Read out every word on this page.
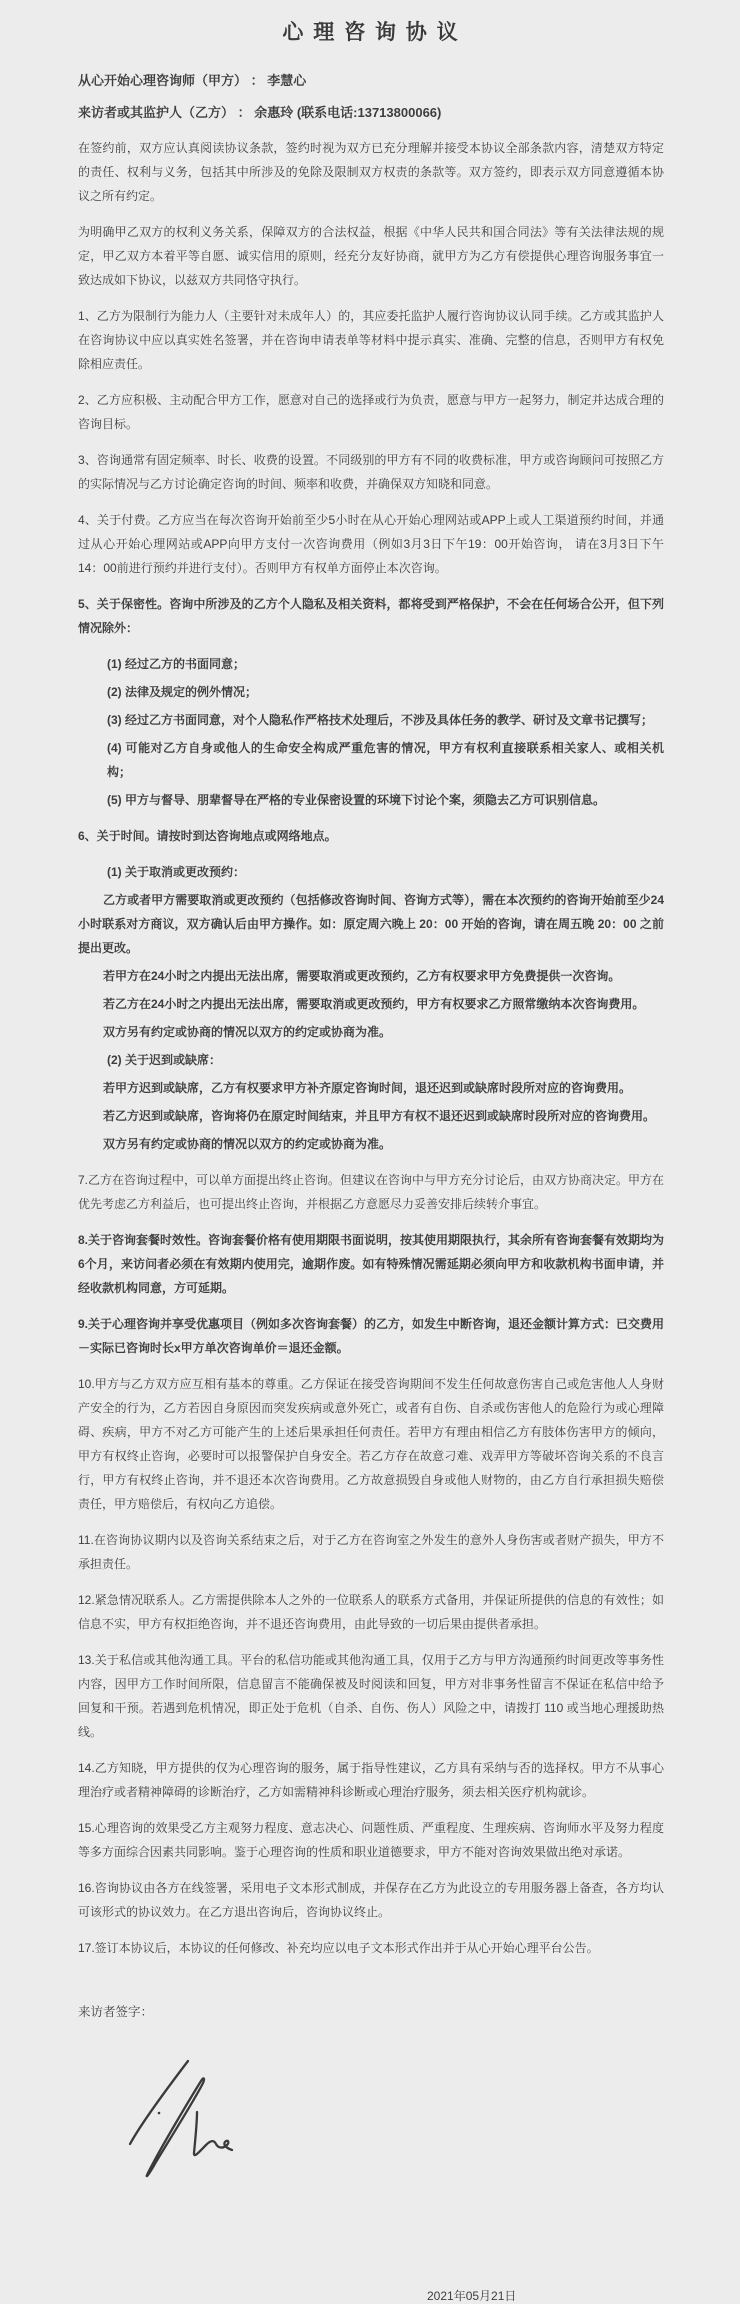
心 理 咨 询 协 议
从心开始心理咨询师（甲方） ： 李慧心
来访者或其监护人（乙方） ： 余惠玲 (联系电话:13713800066)

在签约前，双方应认真阅读协议条款，签约时视为双方已充分理解并接受本协议全部条款内容，清楚双方特定的责任、权利与义务，包括其中所涉及的免除及限制双方权责的条款等。双方签约，即表示双方同意遵循本协议之所有约定。

为明确甲乙双方的权利义务关系，保障双方的合法权益，根据《中华人民共和国合同法》等有关法律法规的规定，甲乙双方本着平等自愿、诚实信用的原则，经充分友好协商，就甲方为乙方有偿提供心理咨询服务事宜一致达成如下协议，以兹双方共同恪守执行。

1、乙方为限制行为能力人（主要针对未成年人）的，其应委托监护人履行咨询协议认同手续。乙方或其监护人在咨询协议中应以真实姓名签署，并在咨询申请表单等材料中提示真实、准确、完整的信息，否则甲方有权免除相应责任。

2、乙方应积极、主动配合甲方工作，愿意对自己的选择或行为负责，愿意与甲方一起努力，制定并达成合理的咨询目标。

3、咨询通常有固定频率、时长、收费的设置。不同级别的甲方有不同的收费标准，甲方或咨询顾问可按照乙方的实际情况与乙方讨论确定咨询的时间、频率和收费，并确保双方知晓和同意。

4、关于付费。乙方应当在每次咨询开始前至少5小时在从心开始心理网站或APP上或人工渠道预约时间，并通过从心开始心理网站或APP向甲方支付一次咨询费用（例如3月3日下午19：00开始咨询， 请在3月3日下午14：00前进行预约并进行支付）。否则甲方有权单方面停止本次咨询。

5、关于保密性。咨询中所涉及的乙方个人隐私及相关资料，都将受到严格保护，不会在任何场合公开，但下列情况除外：

(1) 经过乙方的书面同意；

(2) 法律及规定的例外情况；

(3) 经过乙方书面同意，对个人隐私作严格技术处理后，不涉及具体任务的教学、研讨及文章书记撰写；

(4) 可能对乙方自身或他人的生命安全构成严重危害的情况，甲方有权利直接联系相关家人、或相关机构；

(5) 甲方与督导、朋辈督导在严格的专业保密设置的环境下讨论个案，须隐去乙方可识别信息。

6、关于时间。请按时到达咨询地点或网络地点。

(1) 关于取消或更改预约：

乙方或者甲方需要取消或更改预约（包括修改咨询时间、咨询方式等），需在本次预约的咨询开始前至少24小时联系对方商议，双方确认后由甲方操作。如：原定周六晚上 20：00 开始的咨询，请在周五晚 20：00 之前提出更改。

若甲方在24小时之内提出无法出席，需要取消或更改预约，乙方有权要求甲方免费提供一次咨询。

若乙方在24小时之内提出无法出席，需要取消或更改预约，甲方有权要求乙方照常缴纳本次咨询费用。

双方另有约定或协商的情况以双方的约定或协商为准。

(2) 关于迟到或缺席：

若甲方迟到或缺席，乙方有权要求甲方补齐原定咨询时间，退还迟到或缺席时段所对应的咨询费用。

若乙方迟到或缺席，咨询将仍在原定时间结束，并且甲方有权不退还迟到或缺席时段所对应的咨询费用。

双方另有约定或协商的情况以双方的约定或协商为准。

7.乙方在咨询过程中，可以单方面提出终止咨询。但建议在咨询中与甲方充分讨论后，由双方协商决定。甲方在优先考虑乙方利益后，也可提出终止咨询，并根据乙方意愿尽力妥善安排后续转介事宜。

8.关于咨询套餐时效性。咨询套餐价格有使用期限书面说明，按其使用期限执行，其余所有咨询套餐有效期均为6个月，来访问者必须在有效期内使用完，逾期作废。如有特殊情况需延期必须向甲方和收款机构书面申请，并经收款机构同意，方可延期。

9.关于心理咨询并享受优惠项目（例如多次咨询套餐）的乙方，如发生中断咨询，退还金额计算方式：已交费用－实际已咨询时长x甲方单次咨询单价＝退还金额。

10.甲方与乙方双方应互相有基本的尊重。乙方保证在接受咨询期间不发生任何故意伤害自己或危害他人人身财产安全的行为，乙方若因自身原因而突发疾病或意外死亡，或者有自伤、自杀或伤害他人的危险行为或心理障碍、疾病，甲方不对乙方可能产生的上述后果承担任何责任。若甲方有理由相信乙方有肢体伤害甲方的倾向，甲方有权终止咨询，必要时可以报警保护自身安全。若乙方存在故意刁难、戏弄甲方等破坏咨询关系的不良言行，甲方有权终止咨询，并不退还本次咨询费用。乙方故意损毁自身或他人财物的，由乙方自行承担损失赔偿责任，甲方赔偿后，有权向乙方追偿。

11.在咨询协议期内以及咨询关系结束之后，对于乙方在咨询室之外发生的意外人身伤害或者财产损失，甲方不承担责任。

12.紧急情况联系人。乙方需提供除本人之外的一位联系人的联系方式备用，并保证所提供的信息的有效性；如信息不实，甲方有权拒绝咨询，并不退还咨询费用，由此导致的一切后果由提供者承担。

13.关于私信或其他沟通工具。平台的私信功能或其他沟通工具，仅用于乙方与甲方沟通预约时间更改等事务性内容，因甲方工作时间所限，信息留言不能确保被及时阅读和回复，甲方对非事务性留言不保证在私信中给予回复和干预。若遇到危机情况，即正处于危机（自杀、自伤、伤人）风险之中，请拨打 110 或当地心理援助热线。

14.乙方知晓，甲方提供的仅为心理咨询的服务，属于指导性建议，乙方具有采纳与否的选择权。甲方不从事心理治疗或者精神障碍的诊断治疗，乙方如需精神科诊断或心理治疗服务，须去相关医疗机构就诊。

15.心理咨询的效果受乙方主观努力程度、意志决心、问题性质、严重程度、生理疾病、咨询师水平及努力程度等多方面综合因素共同影响。鉴于心理咨询的性质和职业道德要求，甲方不能对咨询效果做出绝对承诺。

16.咨询协议由各方在线签署，采用电子文本形式制成，并保存在乙方为此设立的专用服务器上备查，各方均认可该形式的协议效力。在乙方退出咨询后，咨询协议终止。

17.签订本协议后，本协议的任何修改、补充均应以电子文本形式作出并于从心开始心理平台公告。

来访者签字：
2021年05月21日
